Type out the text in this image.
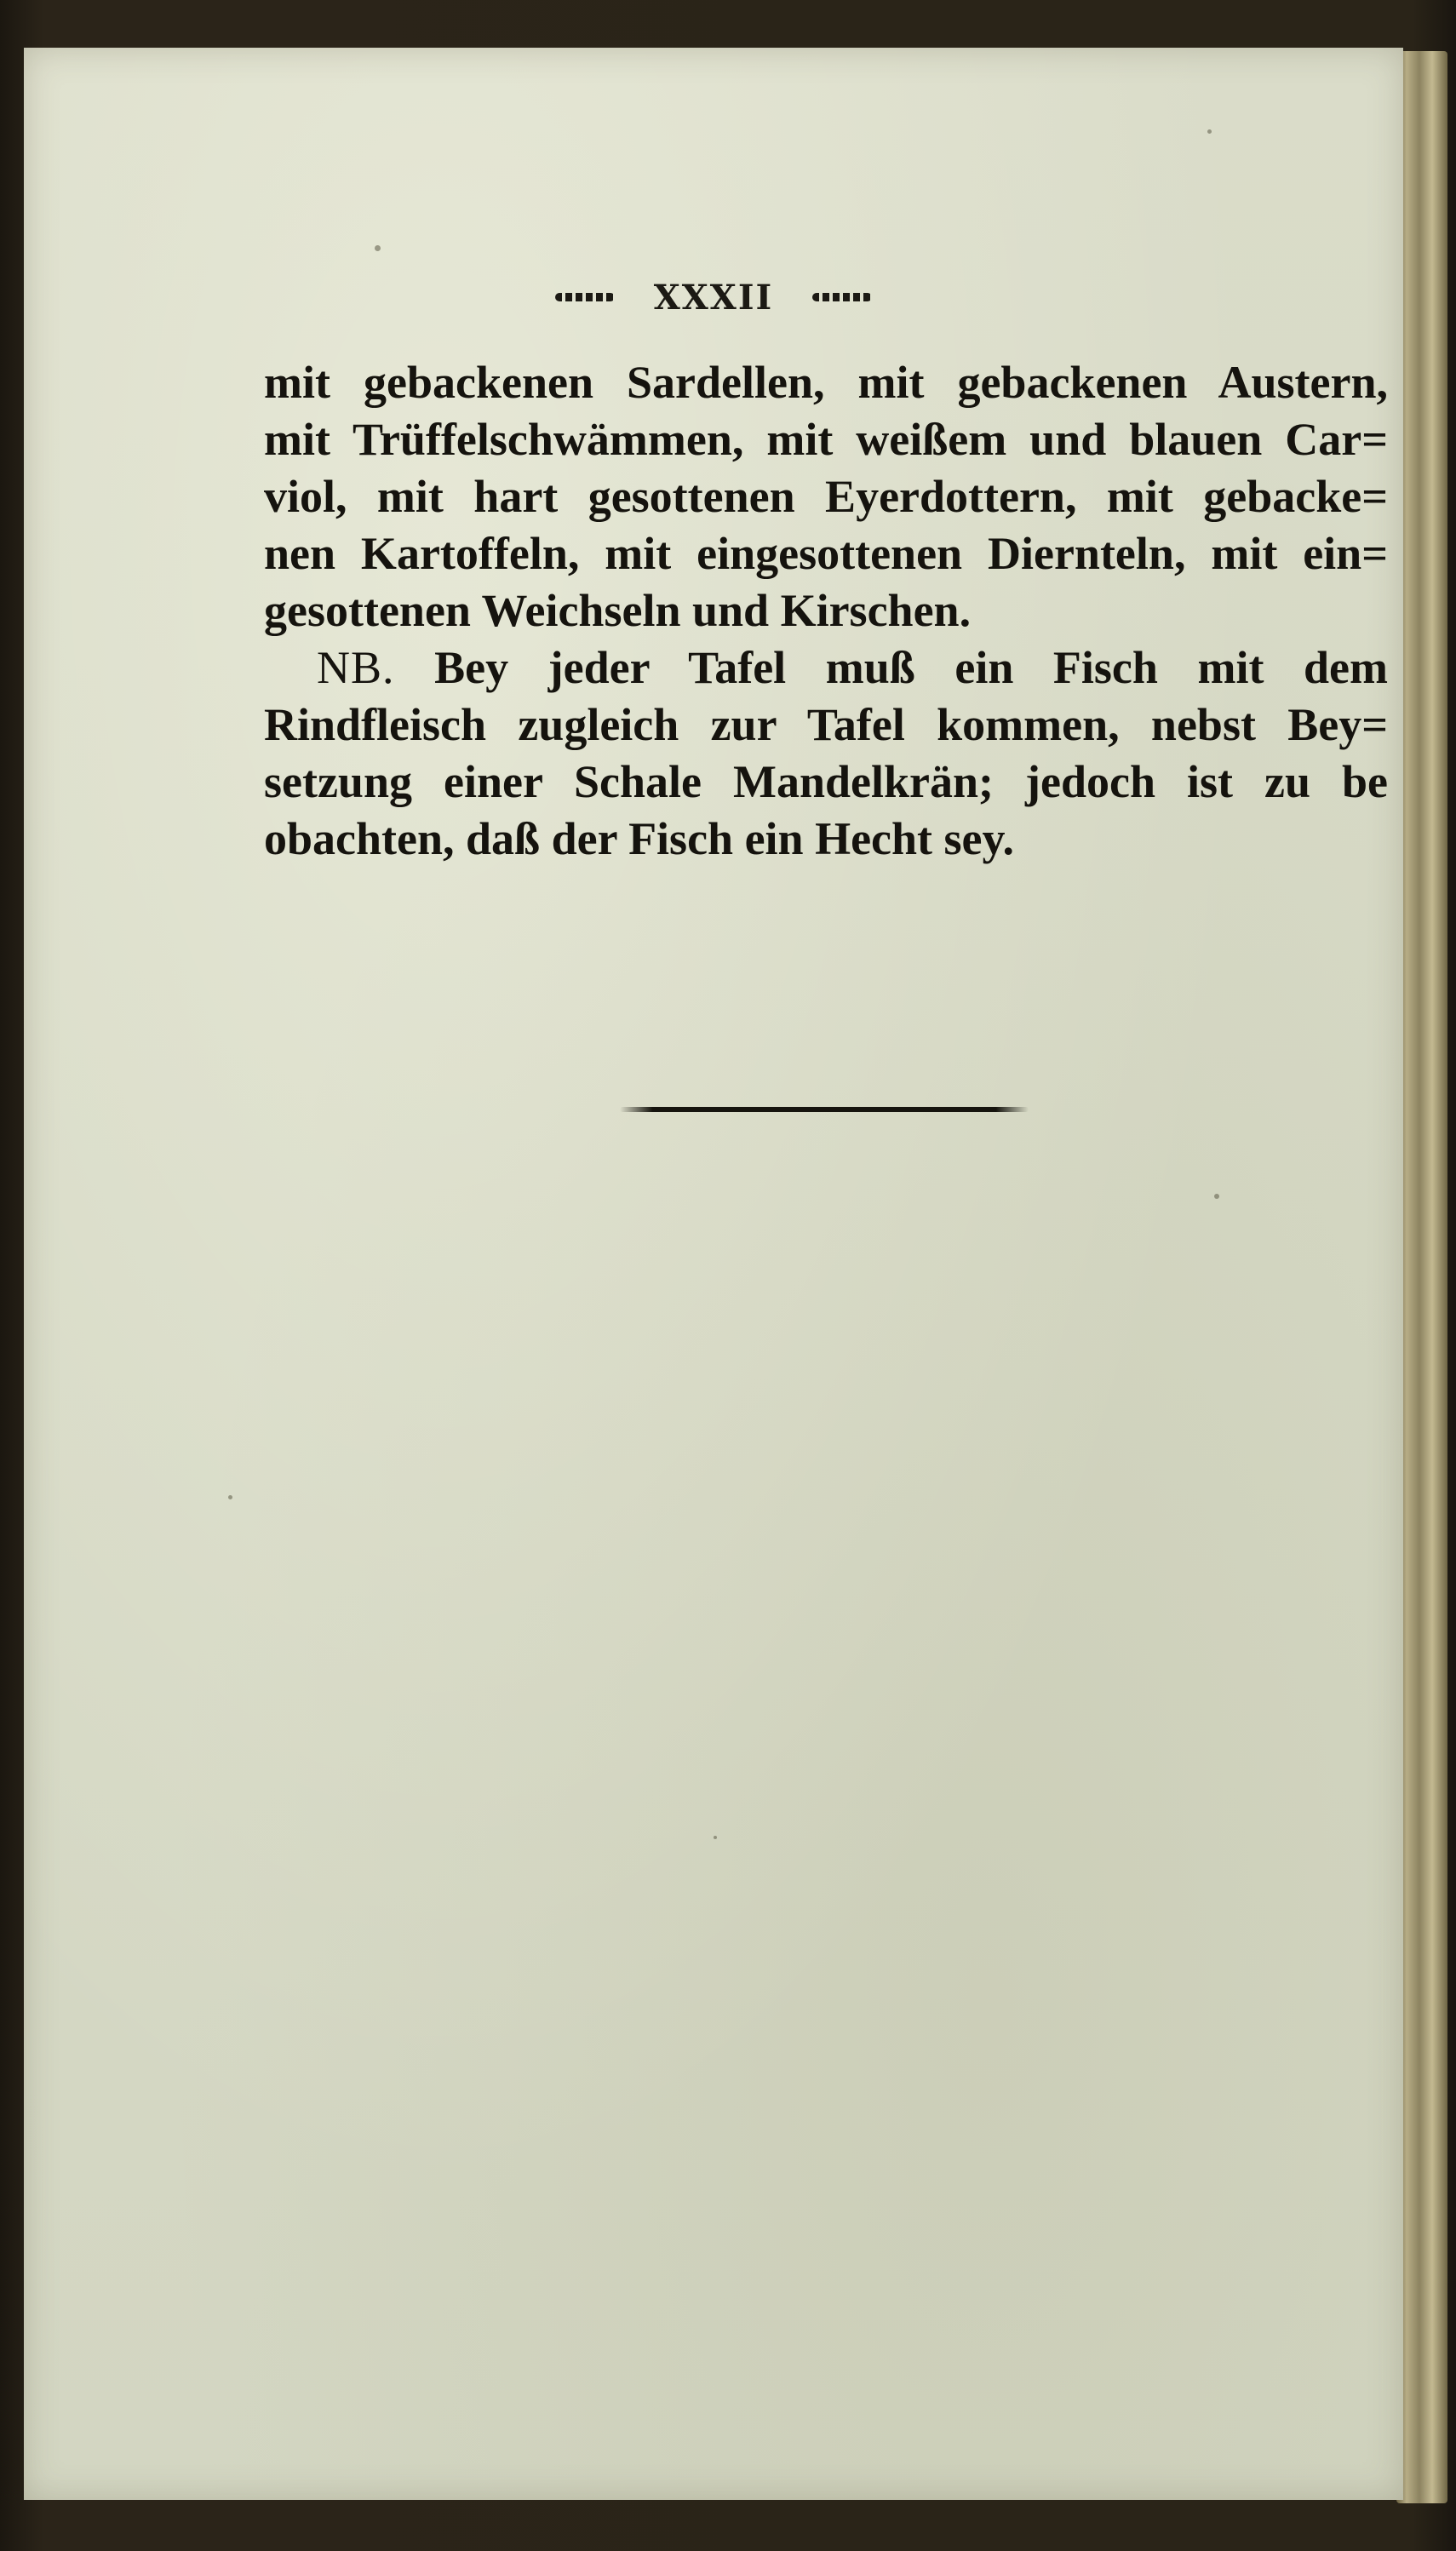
XXXII
mit gebackenen Sardellen, mit gebackenen Austern,
mit Trüffelschwämmen, mit weißem und blauen Car=
viol, mit hart gesottenen Eyerdottern, mit gebacke=
nen Kartoffeln, mit eingesottenen Dierntеln, mit ein=
gesottenen Weichseln und Kirschen.
NB. Bey jeder Tafel muß ein Fisch mit dem
Rindfleisch zugleich zur Tafel kommen, nebst Bey=
setzung einer Schale Mandelkrän; jedoch ist zu be
obachten, daß der Fisch ein Hecht sey.
